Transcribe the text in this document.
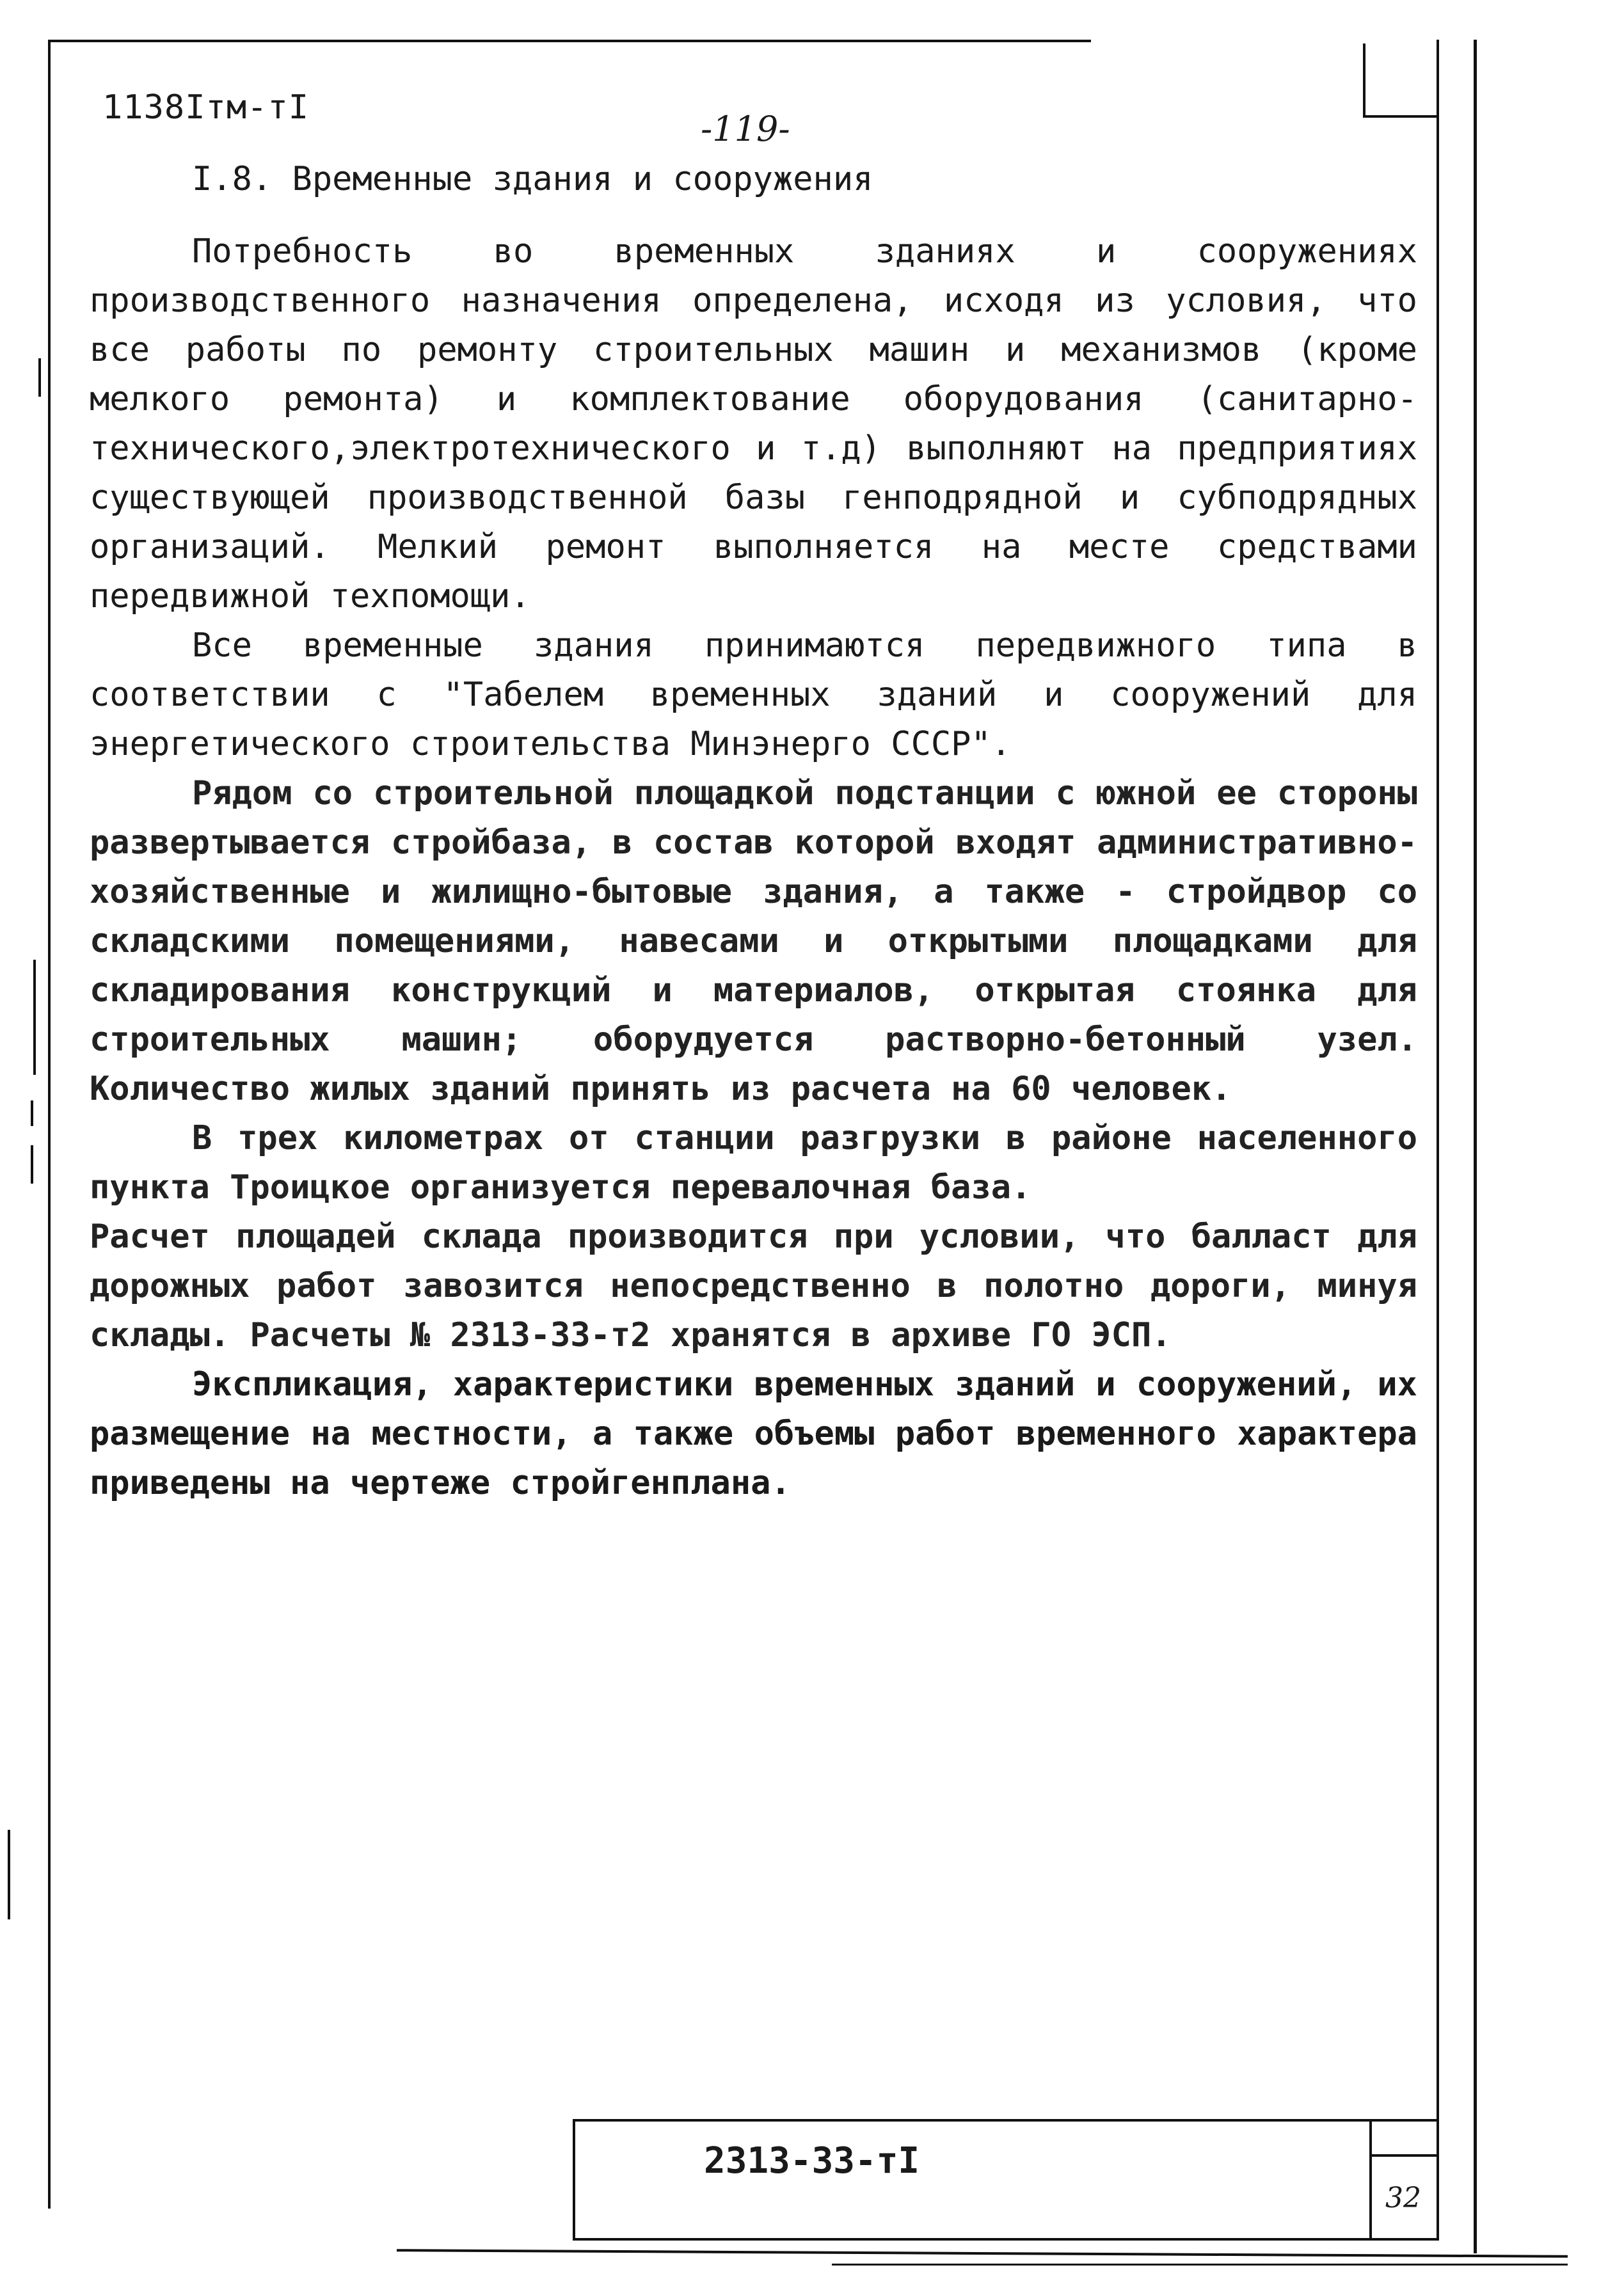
1138Iтм-тI
-119-
I.8. Временные здания и сооружения

Потребность во временных зданиях и сооружениях производственного назначения определена, исходя из условия, что все работы по ремонту строительных машин и механизмов (кроме мелкого ремонта) и комплектование оборудования (санитарно-технического,электротехнического и т.д) выполняют на предприятиях существующей производственной базы генподрядной и субподрядных организаций. Мелкий ремонт выполняется на месте средствами передвижной техпомощи.

Все временные здания принимаются передвижного типа в соответствии с "Табелем временных зданий и сооружений для энергетического строительства Минэнерго СССР".

Рядом со строительной площадкой подстанции с южной ее стороны развертывается стройбаза, в состав которой входят административно-хозяйственные и жилищно-бытовые здания, а также - стройдвор со складскими помещениями, навесами и открытыми площадками для складирования конструкций и материалов, открытая стоянка для строительных машин; оборудуется растворно-бетонный узел. Количество жилых зданий принять из расчета на 60 человек.

В трех километрах от станции разгрузки в районе населенного пункта Троицкое организуется перевалочная база.

Расчет площадей склада производится при условии, что балласт для дорожных работ завозится непосредственно в полотно дороги, минуя склады. Расчеты № 2313-33-т2 хранятся в архиве ГО ЭСП.

Экспликация, характеристики временных зданий и сооружений, их размещение на местности, а также объемы работ временного характера приведены на чертеже стройгенплана.

2313-33-тI
32
